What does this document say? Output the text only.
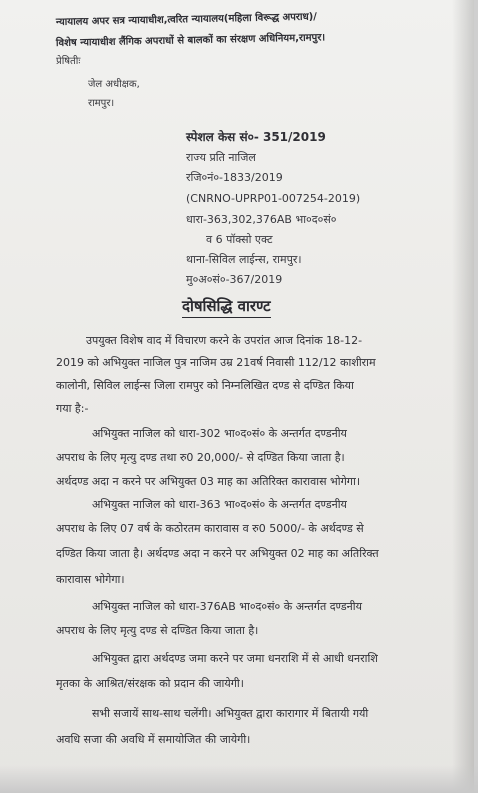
न्यायालय अपर सत्र न्यायाधीश,त्वरित न्यायालय(महिला विरूद्ध अपराध)/
विशेष न्यायाधीश लैंगिक अपराधों से बालकों का संरक्षण अधिनियम,रामपुर।
प्रेषितीः
जेल अधीक्षक,
रामपुर।
स्पेशल केस सं०- 351/2019
राज्य प्रति नाजिल
रजि०नं०-1833/2019
(CNRNO-UPRP01-007254-2019)
धारा-363,302,376AB भा०द०सं०
व 6 पॉक्सो एक्ट
थाना-सिविल लाईन्स, रामपुर।
मु०अ०सं०-367/2019
दोषसिद्धि वारण्ट
उपयुक्त विशेष वाद में विचारण करने के उपरांत आज दिनांक 18-12-
2019 को अभियुक्त नाजिल पुत्र नाजिम उम्र 21वर्ष निवासी 112/12 काशीराम
कालोनी, सिविल लाईन्स जिला रामपुर को निम्नलिखित दण्ड से दण्डित किया
गया है:-
अभियुक्त नाजिल को धारा-302 भा०द०सं० के अन्तर्गत दण्डनीय
अपराध के लिए मृत्यु दण्ड तथा रु0 20,000/- से दण्डित किया जाता है।
अर्थदण्ड अदा न करने पर अभियुक्त 03 माह का अतिरिक्त कारावास भोगेगा।
अभियुक्त नाजिल को धारा-363 भा०द०सं० के अन्तर्गत दण्डनीय
अपराध के लिए 07 वर्ष के कठोरतम कारावास व रु0 5000/- के अर्थदण्ड से
दण्डित किया जाता है। अर्थदण्ड अदा न करने पर अभियुक्त 02 माह का अतिरिक्त
कारावास भोगेगा।
अभियुक्त नाजिल को धारा-376AB भा०द०सं० के अन्तर्गत दण्डनीय
अपराध के लिए मृत्यु दण्ड से दण्डित किया जाता है।
अभियुक्त द्वारा अर्थदण्ड जमा करने पर जमा धनराशि में से आधी धनराशि
मृतका के आश्रित/संरक्षक को प्रदान की जायेगी।
सभी सजायें साथ-साथ चलेंगी। अभियुक्त द्वारा कारागार में बितायी गयी
अवधि सजा की अवधि में समायोजित की जायेगी।
